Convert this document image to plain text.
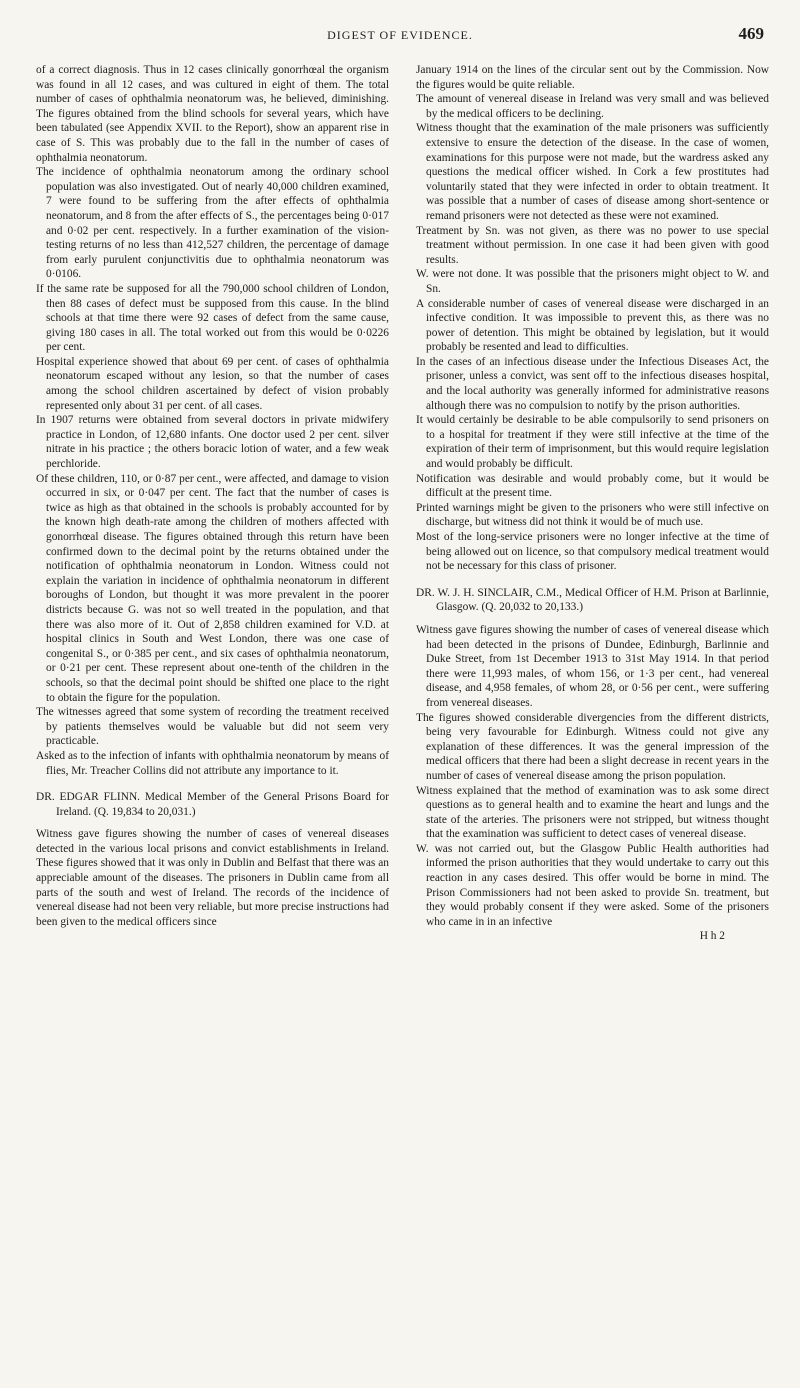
DIGEST OF EVIDENCE.	469

of a correct diagnosis. Thus in 12 cases clinically gonorrhœal the organism was found in all 12 cases, and was cultured in eight of them. The total number of cases of ophthalmia neonatorum was, he believed, diminishing. The figures obtained from the blind schools for several years, which have been tabulated (see Appendix XVII. to the Report), show an apparent rise in case of S. This was probably due to the fall in the number of cases of ophthalmia neonatorum.

The incidence of ophthalmia neonatorum among the ordinary school population was also investigated. Out of nearly 40,000 children examined, 7 were found to be suffering from the after effects of ophthalmia neonatorum, and 8 from the after effects of S., the percentages being 0·017 and 0·02 per cent. respectively. In a further examination of the vision-testing returns of no less than 412,527 children, the percentage of damage from early purulent conjunctivitis due to ophthalmia neonatorum was 0·0106.

If the same rate be supposed for all the 790,000 school children of London, then 88 cases of defect must be supposed from this cause. In the blind schools at that time there were 92 cases of defect from the same cause, giving 180 cases in all. The total worked out from this would be 0·0226 per cent.

Hospital experience showed that about 69 per cent. of cases of ophthalmia neonatorum escaped without any lesion, so that the number of cases among the school children ascertained by defect of vision probably represented only about 31 per cent. of all cases.

In 1907 returns were obtained from several doctors in private midwifery practice in London, of 12,680 infants. One doctor used 2 per cent. silver nitrate in his practice ; the others boracic lotion of water, and a few weak perchloride.

Of these children, 110, or 0·87 per cent., were affected, and damage to vision occurred in six, or 0·047 per cent. The fact that the number of cases is twice as high as that obtained in the schools is probably accounted for by the known high death-rate among the children of mothers affected with gonorrhœal disease. The figures obtained through this return have been confirmed down to the decimal point by the returns obtained under the notification of ophthalmia neonatorum in London. Witness could not explain the variation in incidence of ophthalmia neonatorum in different boroughs of London, but thought it was more prevalent in the poorer districts because G. was not so well treated in the population, and that there was also more of it. Out of 2,858 children examined for V.D. at hospital clinics in South and West London, there was one case of congenital S., or 0·385 per cent., and six cases of ophthalmia neonatorum, or 0·21 per cent. These represent about one-tenth of the children in the schools, so that the decimal point should be shifted one place to the right to obtain the figure for the population.

The witnesses agreed that some system of recording the treatment received by patients themselves would be valuable but did not seem very practicable.

Asked as to the infection of infants with ophthalmia neonatorum by means of flies, Mr. Treacher Collins did not attribute any importance to it.

DR. EDGAR FLINN. Medical Member of the General Prisons Board for Ireland. (Q. 19,834 to 20,031.)

Witness gave figures showing the number of cases of venereal diseases detected in the various local prisons and convict establishments in Ireland. These figures showed that it was only in Dublin and Belfast that there was an appreciable amount of the diseases. The prisoners in Dublin came from all parts of the south and west of Ireland. The records of the incidence of venereal disease had not been very reliable, but more precise instructions had been given to the medical officers since

January 1914 on the lines of the circular sent out by the Commission. Now the figures would be quite reliable.

The amount of venereal disease in Ireland was very small and was believed by the medical officers to be declining.

Witness thought that the examination of the male prisoners was sufficiently extensive to ensure the detection of the disease. In the case of women, examinations for this purpose were not made, but the wardress asked any questions the medical officer wished. In Cork a few prostitutes had voluntarily stated that they were infected in order to obtain treatment. It was possible that a number of cases of disease among short-sentence or remand prisoners were not detected as these were not examined.

Treatment by Sn. was not given, as there was no power to use special treatment without permission. In one case it had been given with good results.

W. were not done. It was possible that the prisoners might object to W. and Sn.

A considerable number of cases of venereal disease were discharged in an infective condition. It was impossible to prevent this, as there was no power of detention. This might be obtained by legislation, but it would probably be resented and lead to difficulties.

In the cases of an infectious disease under the Infectious Diseases Act, the prisoner, unless a convict, was sent off to the infectious diseases hospital, and the local authority was generally informed for administrative reasons although there was no compulsion to notify by the prison authorities.

It would certainly be desirable to be able compulsorily to send prisoners on to a hospital for treatment if they were still infective at the time of the expiration of their term of imprisonment, but this would require legislation and would probably be difficult.

Notification was desirable and would probably come, but it would be difficult at the present time.

Printed warnings might be given to the prisoners who were still infective on discharge, but witness did not think it would be of much use.

Most of the long-service prisoners were no longer infective at the time of being allowed out on licence, so that compulsory medical treatment would not be necessary for this class of prisoner.

DR. W. J. H. SINCLAIR, C.M., Medical Officer of H.M. Prison at Barlinnie, Glasgow. (Q. 20,032 to 20,133.)

Witness gave figures showing the number of cases of venereal disease which had been detected in the prisons of Dundee, Edinburgh, Barlinnie and Duke Street, from 1st December 1913 to 31st May 1914. In that period there were 11,993 males, of whom 156, or 1·3 per cent., had venereal disease, and 4,958 females, of whom 28, or 0·56 per cent., were suffering from venereal diseases.

The figures showed considerable divergencies from the different districts, being very favourable for Edinburgh. Witness could not give any explanation of these differences. It was the general impression of the medical officers that there had been a slight decrease in recent years in the number of cases of venereal disease among the prison population.

Witness explained that the method of examination was to ask some direct questions as to general health and to examine the heart and lungs and the state of the arteries. The prisoners were not stripped, but witness thought that the examination was sufficient to detect cases of venereal disease.

W. was not carried out, but the Glasgow Public Health authorities had informed the prison authorities that they would undertake to carry out this reaction in any cases desired. This offer would be borne in mind. The Prison Commissioners had not been asked to provide Sn. treatment, but they would probably consent if they were asked. Some of the prisoners who came in in an infective

H h 2
